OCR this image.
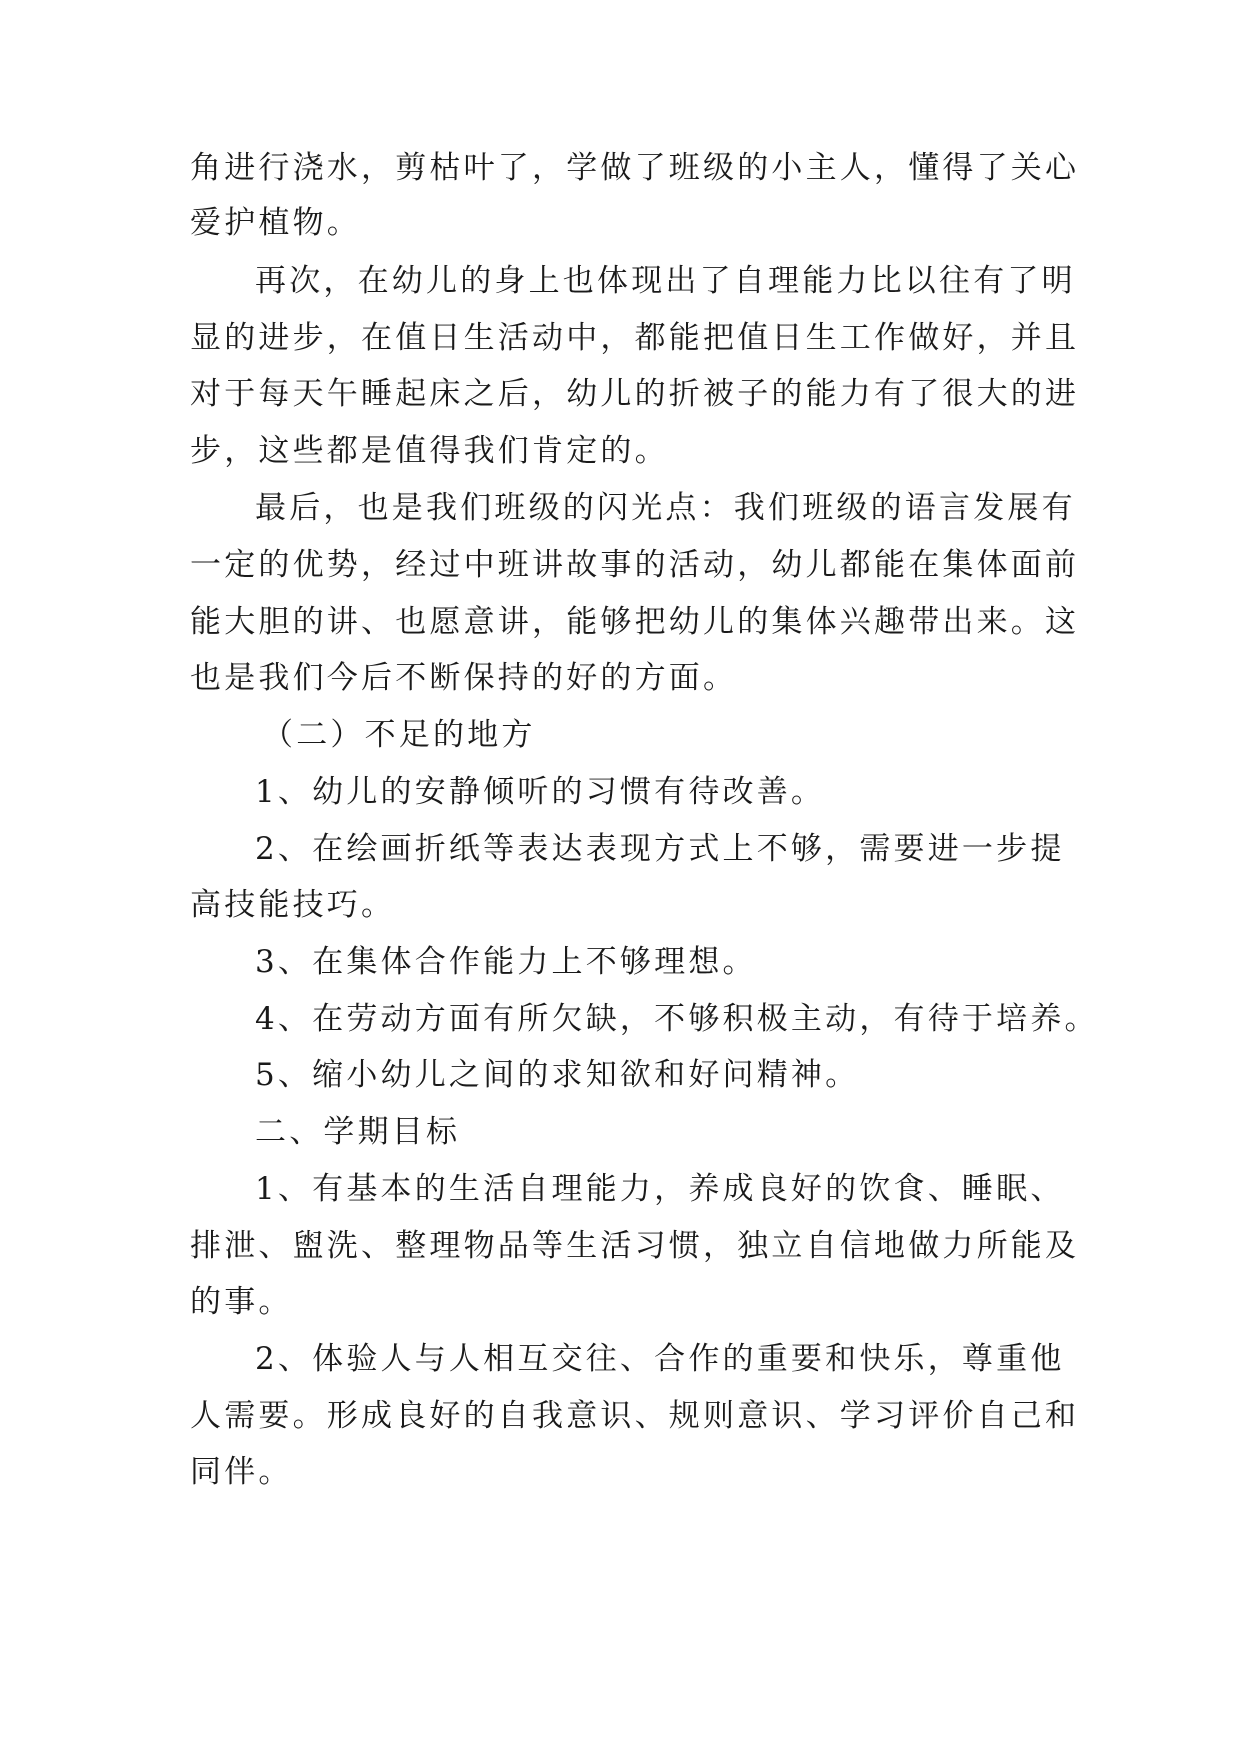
角进行浇水，剪枯叶了，学做了班级的小主人，懂得了关心
爱护植物。
再次，在幼儿的身上也体现出了自理能力比以往有了明
显的进步，在值日生活动中，都能把值日生工作做好，并且
对于每天午睡起床之后，幼儿的折被子的能力有了很大的进
步，这些都是值得我们肯定的。
最后，也是我们班级的闪光点：我们班级的语言发展有
一定的优势，经过中班讲故事的活动，幼儿都能在集体面前
能大胆的讲、也愿意讲，能够把幼儿的集体兴趣带出来。这
也是我们今后不断保持的好的方面。
（二）不足的地方
1、幼儿的安静倾听的习惯有待改善。
2、在绘画折纸等表达表现方式上不够，需要进一步提
高技能技巧。
3、在集体合作能力上不够理想。
4、在劳动方面有所欠缺，不够积极主动，有待于培养。
5、缩小幼儿之间的求知欲和好问精神。
二、学期目标
1、有基本的生活自理能力，养成良好的饮食、睡眠、
排泄、盥洗、整理物品等生活习惯，独立自信地做力所能及
的事。
2、体验人与人相互交往、合作的重要和快乐，尊重他
人需要。形成良好的自我意识、规则意识、学习评价自己和
同伴。
